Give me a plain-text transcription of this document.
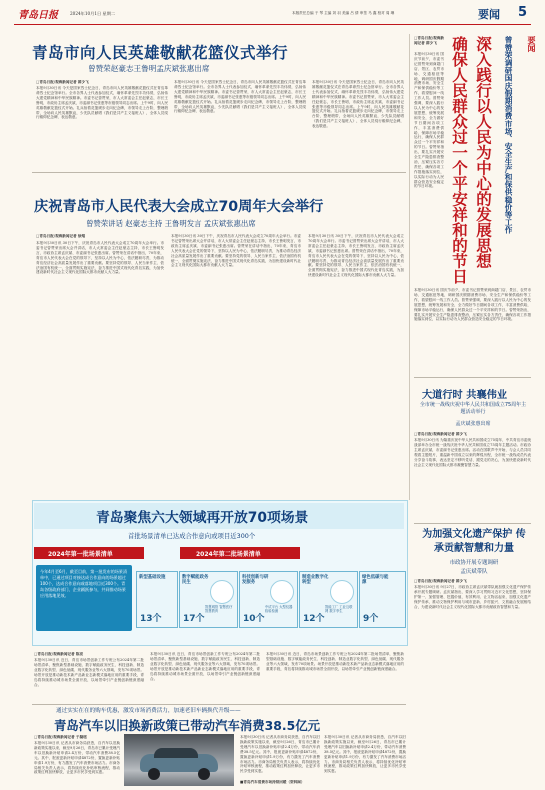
青岛日报	2024年10月1日 星期二	本版责任总编 于 琴 主编 刘 羽 美编 吕 倩 审签 马 鑫 校对 周 琳	要闻 5
青岛市向人民英雄敬献花篮仪式举行
曾赞荣赵豪志王鲁明孟庆斌张惠出席
□青岛日报/观海新闻记者 薛少飞
本报9月30日讯 今天是国家烈士纪念日，青岛市向人民英雄敬献花篮仪式在青岛革命烈士纪念馆举行。全市各界人士代表参加仪式，缅怀革命先烈丰功伟绩，弘扬伟大建党精神和中华民族精神。市委书记曾赞荣，市人大常委会主任赵豪志，市长王鲁明，市政协主席孟庆斌，市委副书记张惠等市级领导同志出席。上午9时，向人民英雄敬献花篮仪式开始。礼兵抬着花篮缓步走向纪念碑，市领导走上台阶，整理缎带，全场向人民英雄默哀，少先队员献唱《我们是共产主义接班人》，全体人员绕行瞻仰纪念碑，表达敬意。
本报9月30日讯 今天是国家烈士纪念日，青岛市向人民英雄敬献花篮仪式在青岛革命烈士纪念馆举行。全市各界人士代表参加仪式，缅怀革命先烈丰功伟绩，弘扬伟大建党精神和中华民族精神。市委书记曾赞荣，市人大常委会主任赵豪志，市长王鲁明，市政协主席孟庆斌，市委副书记张惠等市级领导同志出席。上午9时，向人民英雄敬献花篮仪式开始。礼兵抬着花篮缓步走向纪念碑，市领导走上台阶，整理缎带，全场向人民英雄默哀，少先队员献唱《我们是共产主义接班人》，全体人员绕行瞻仰纪念碑，表达敬意。
本报9月30日讯 今天是国家烈士纪念日，青岛市向人民英雄敬献花篮仪式在青岛革命烈士纪念馆举行。全市各界人士代表参加仪式，缅怀革命先烈丰功伟绩，弘扬伟大建党精神和中华民族精神。市委书记曾赞荣，市人大常委会主任赵豪志，市长王鲁明，市政协主席孟庆斌，市委副书记张惠等市级领导同志出席。上午9时，向人民英雄敬献花篮仪式开始。礼兵抬着花篮缓步走向纪念碑，市领导走上台阶，整理缎带，全场向人民英雄默哀，少先队员献唱《我们是共产主义接班人》，全体人员绕行瞻仰纪念碑，表达敬意。
庆祝青岛市人民代表大会成立70周年大会举行
曾赞荣讲话 赵豪志主持 王鲁明发言 孟庆斌张惠出席
□青岛日报/观海新闻记者 徐翔
本报9月30日讯 30日下午，庆祝青岛市人民代表大会成立70周年大会举行。市委书记曾赞荣出席大会并讲话，市人大常委会主任赵豪志主持，市长王鲁明发言，市政协主席孟庆斌、市委副书记张惠出席。曾赞荣在讲话中指出，70年来，青岛市人民代表大会在党的领导下，坚持以人民为中心，依法履职尽责，为推动青岛经济社会高质量发展作出了重要贡献。要坚持党的领导、人民当家作主、依法治国有机统一，全面贯彻实施宪法，奋力推进中国式现代化青岛实践，为加快建设新时代社会主义现代化国际大都市贡献人大力量。
本报9月30日讯 30日下午，庆祝青岛市人民代表大会成立70周年大会举行。市委书记曾赞荣出席大会并讲话，市人大常委会主任赵豪志主持，市长王鲁明发言，市政协主席孟庆斌、市委副书记张惠出席。曾赞荣在讲话中指出，70年来，青岛市人民代表大会在党的领导下，坚持以人民为中心，依法履职尽责，为推动青岛经济社会高质量发展作出了重要贡献。要坚持党的领导、人民当家作主、依法治国有机统一，全面贯彻实施宪法，奋力推进中国式现代化青岛实践，为加快建设新时代社会主义现代化国际大都市贡献人大力量。
本报9月30日讯 30日下午，庆祝青岛市人民代表大会成立70周年大会举行。市委书记曾赞荣出席大会并讲话，市人大常委会主任赵豪志主持，市长王鲁明发言，市政协主席孟庆斌、市委副书记张惠出席。曾赞荣在讲话中指出，70年来，青岛市人民代表大会在党的领导下，坚持以人民为中心，依法履职尽责，为推动青岛经济社会高质量发展作出了重要贡献。要坚持党的领导、人民当家作主、依法治国有机统一，全面贯彻实施宪法，奋力推进中国式现代化青岛实践，为加快建设新时代社会主义现代化国际大都市贡献人大力量。
要闻
曾赞荣调研国庆假期消费市场、安全生产和保供稳价等工作
深入践行以人民为中心的发展思想
确保人民群众过一个平安祥和的节日
□青岛日报/观海新闻记者 薛少飞
本报9月30日讯 国庆节前夕，市委书记曾赞荣到商超门店、景区、农贸市场、交通枢纽等地，调研国庆假期消费市场、安全生产和保供稳价等工作，看望慰问一线工作人员。曾赞荣强调，要深入践行以人民为中心的发展思想，统筹发展和安全，全力做好节日期间各项工作，丰富消费供给，保障市场平稳运行，确保人民群众过一个平安祥和的节日。曾赞荣指出，要扎实开展安全生产隐患排查整治，压紧压实各方责任，确保各项工作措施落实到位，以实际行动为人民群众营造安全稳定的节日环境。
本报9月30日讯 国庆节前夕，市委书记曾赞荣到商超门店、景区、农贸市场、交通枢纽等地，调研国庆假期消费市场、安全生产和保供稳价等工作，看望慰问一线工作人员。曾赞荣强调，要深入践行以人民为中心的发展思想，统筹发展和安全，全力做好节日期间各项工作，丰富消费供给，保障市场平稳运行，确保人民群众过一个平安祥和的节日。曾赞荣指出，要扎实开展安全生产隐患排查整治，压紧压实各方责任，确保各项工作措施落实到位，以实际行动为人民群众营造安全稳定的节日环境。
大道行时 共襄伟业
全市统一战线庆祝中华人民共和国成立75周年主题活动举行
孟庆斌张惠出席
□青岛日报/观海新闻记者 薛少飞
本报9月30日讯 为隆重庆祝中华人民共和国成立75周年，中共青岛市委统战部举办全市统一战线庆祝中华人民共和国成立75周年主题活动。市政协主席孟庆斌，市委副书记张惠出席。活动在国歌声中开始，与会人员共同观看主题短片，重温新中国成立以来的辉煌历程，全市统一战线成员代表分享奋斗故事，表达坚定不移听党话、跟党走的决心，为加快建设新时代社会主义现代化国际大都市凝聚智慧力量。
青岛聚焦六大领域再开放70项场景
首批场景清单已达成合作意向或项目近300个
2024年第一批场景清单	2024年第二批场景清单
今年4月至6月，截至目前，第一批发布的场景清单中，已通过项目对接达成合作意向的场景超过100个，达成合作意向或落地项目近300个。青岛各级政府部门、企业踊跃参与，共同推动场景应用落地见效。
新型基础设施
13个
数字赋能政务民生
智慧城管 智慧医疗 智慧教育
17个
科技创新与研发服务
中试平台 大型仪器 检验检测
10个
制造业数字化转型
智能工厂 工业互联网 数字孪生
12个
绿色低碳与能源
9个
□青岛日报/观海新闻记者 陈亮
本报9月30日讯 近日，青岛市场景创新工作专班公布2024年第二批场景清单，聚焦新型基础设施、数字赋能政务民生、科技创新、制造业数字化转型、绿色低碳、现代服务业等六大领域，发布70项场景。场景开放是推动新技术新产品新业态新模式落地应用的重要手段，青岛将持续推动城市场景全面开放，以场景牵引产业链创新链深度融合。
本报9月30日讯 近日，青岛市场景创新工作专班公布2024年第二批场景清单，聚焦新型基础设施、数字赋能政务民生、科技创新、制造业数字化转型、绿色低碳、现代服务业等六大领域，发布70项场景。场景开放是推动新技术新产品新业态新模式落地应用的重要手段，青岛将持续推动城市场景全面开放，以场景牵引产业链创新链深度融合。
本报9月30日讯 近日，青岛市场景创新工作专班公布2024年第二批场景清单，聚焦新型基础设施、数字赋能政务民生、科技创新、制造业数字化转型、绿色低碳、现代服务业等六大领域，发布70项场景。场景开放是推动新技术新产品新业态新模式落地应用的重要手段，青岛将持续推动城市场景全面开放，以场景牵引产业链创新链深度融合。
为加强文化遗产保护 传承贡献智慧和力量
市政协开展专题调研
孟庆斌带队
□青岛日报/观海新闻记者 薛少飞
本报9月30日讯 9月27日，市政协主席孟庆斌带队就加强文化遗产保护传承开展专题调研。孟庆斌指出，要深入学习贯彻习近平文化思想，坚持保护第一、加强管理、挖掘价值、有效利用、让文物活起来，加强文化遗产保护传承，推动文物保护利用与城市更新、乡村振兴、文旅融合发展相结合，为建设新时代社会主义现代化国际大都市贡献政协智慧和力量。
通过实实在在的购车优惠，激发市场消费活力，加速老旧车辆换代升级——
青岛汽车以旧换新政策已带动汽车消费38.5亿元
□青岛日报/观海新闻记者 于凝瑶
本报9月30日讯 记者从市商务局获悉，自汽车以旧换新政策实施以来，截至9月26日，青岛市已累计受理汽车以旧换新补贴申请2.4万份，带动汽车消费38.5亿元。其中，报废更新补贴申请4872份，置换更新补贴申请1.9万份，有力激发了汽车消费市场活力。市商务局相关负责人表示，将持续优化补贴审核流程，推动政策红利加快释放，让更多市民享受到实惠。
本报9月30日讯 记者从市商务局获悉，自汽车以旧换新政策实施以来，截至9月26日，青岛市已累计受理汽车以旧换新补贴申请2.4万份，带动汽车消费38.5亿元。其中，报废更新补贴申请4872份，置换更新补贴申请1.9万份，有力激发了汽车消费市场活力。市商务局相关负责人表示，将持续优化补贴审核流程，推动政策红利加快释放，让更多市民享受到实惠。
本报9月30日讯 记者从市商务局获悉，自汽车以旧换新政策实施以来，截至9月26日，青岛市已累计受理汽车以旧换新补贴申请2.4万份，带动汽车消费38.5亿元。其中，报废更新补贴申请4872份，置换更新补贴申请1.9万份，有力激发了汽车消费市场活力。市商务局相关负责人表示，将持续优化补贴审核流程，推动政策红利加快释放，让更多市民享受到实惠。
■青岛汽车消费市场持续回暖（资料图）
